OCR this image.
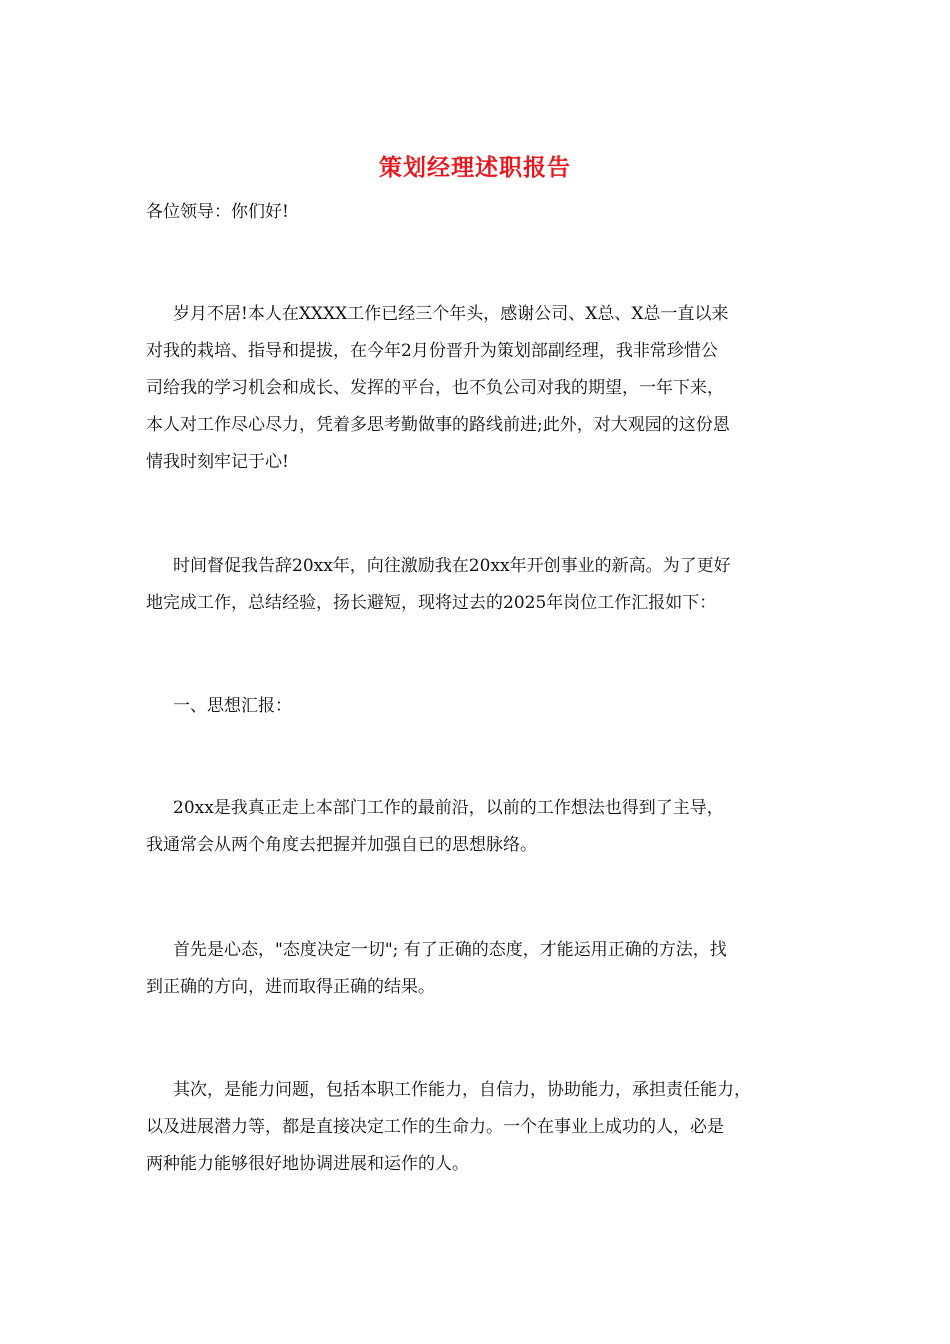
策划经理述职报告
各位领导：你们好!

岁月不居!本人在XXXX工作已经三个年头，感谢公司、X总、X总一直以来
对我的栽培、指导和提拔，在今年2月份晋升为策划部副经理，我非常珍惜公
司给我的学习机会和成长、发挥的平台，也不负公司对我的期望，一年下来，
本人对工作尽心尽力，凭着多思考勤做事的路线前进;此外，对大观园的这份恩
情我时刻牢记于心!

时间督促我告辞20xx年，向往激励我在20xx年开创事业的新高。为了更好
地完成工作，总结经验，扬长避短，现将过去的2025年岗位工作汇报如下：

一、思想汇报：

20xx是我真正走上本部门工作的最前沿，以前的工作想法也得到了主导，
我通常会从两个角度去把握并加强自已的思想脉络。

首先是心态，"态度决定一切"; 有了正确的态度，才能运用正确的方法，找
到正确的方向，进而取得正确的结果。

其次，是能力问题，包括本职工作能力，自信力，协助能力，承担责任能力，
以及进展潜力等，都是直接决定工作的生命力。一个在事业上成功的人，必是
两种能力能够很好地协调进展和运作的人。
